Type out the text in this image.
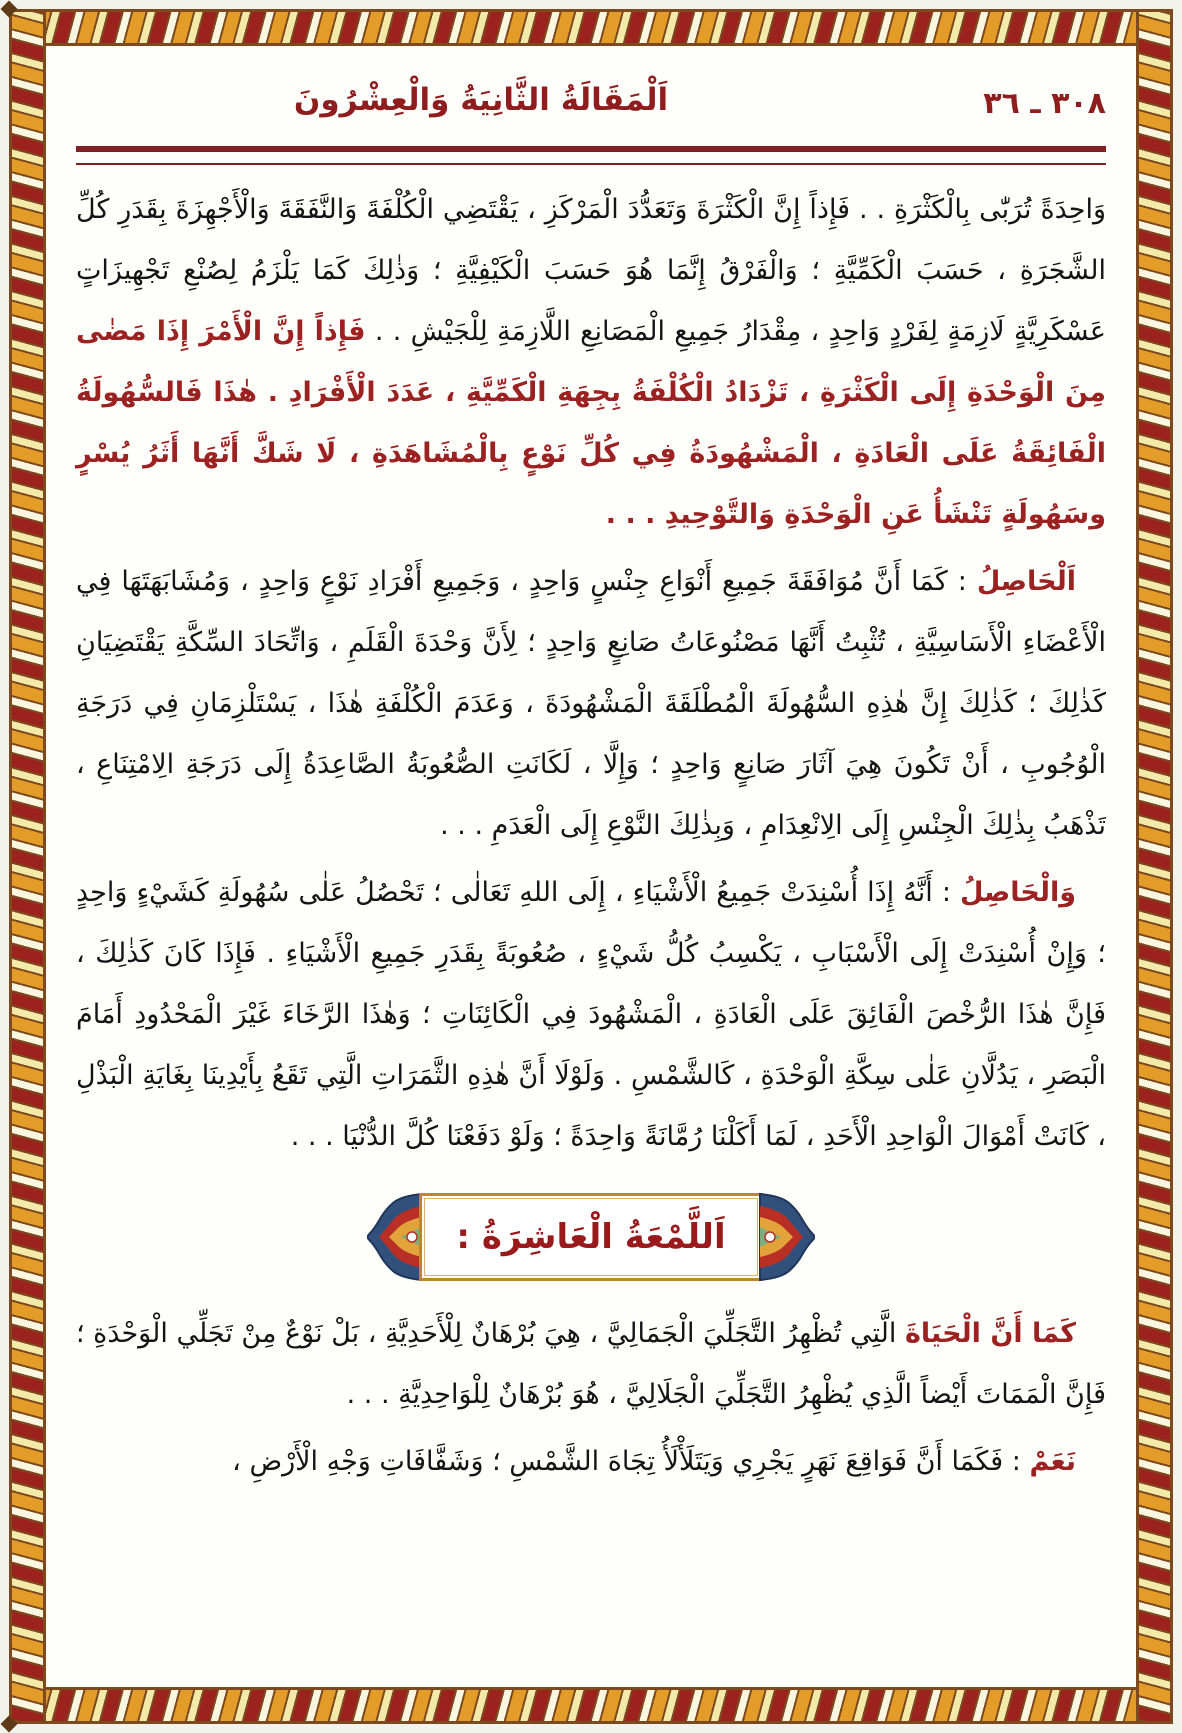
اَلْمَقَالَةُ الثَّانِيَةُ وَالْعِشْرُونَ	٣٠٨ ـ ٣٦

وَاحِدَةً تُرَبّٰى بِالْكَثْرَةِ . . فَإِذاً إِنَّ الْكَثْرَةَ وَتَعَدُّدَ الْمَرْكَزِ ، يَقْتَضِي الْكُلْفَةَ وَالنَّفَقَةَ وَالْأَجْهِزَةَ بِقَدَرِ كُلِّ الشَّجَرَةِ ، حَسَبَ الْكَمِّيَّةِ ؛ وَالْفَرْقُ إِنَّمَا هُوَ حَسَبَ الْكَيْفِيَّةِ ؛ وَذٰلِكَ كَمَا يَلْزَمُ لِصُنْعِ تَجْهِيزَاتٍ عَسْكَرِيَّةٍ لَازِمَةٍ لِفَرْدٍ وَاحِدٍ ، مِقْدَارُ جَمِيعِ الْمَصَانِعِ اللَّازِمَةِ لِلْجَيْشِ . . فَإِذاً إِنَّ الْأَمْرَ إِذَا مَضٰى مِنَ الْوَحْدَةِ إِلَى الْكَثْرَةِ ، تَزْدَادُ الْكُلْفَةُ بِجِهَةِ الْكَمِّيَّةِ ، عَدَدَ الْأَفْرَادِ . هٰذَا فَالسُّهُولَةُ الْفَائِقَةُ عَلَى الْعَادَةِ ، الْمَشْهُودَةُ فِي كُلِّ نَوْعٍ بِالْمُشَاهَدَةِ ، لَا شَكَّ أَنَّهَا أَثَرُ يُسْرٍ وسَهُولَةٍ تَنْشَأُ عَنِ الْوَحْدَةِ وَالتَّوْحِيدِ . . .

اَلْحَاصِلُ : كَمَا أَنَّ مُوَافَقَةَ جَمِيعِ أَنْوَاعِ جِنْسٍ وَاحِدٍ ، وَجَمِيعِ أَفْرَادِ نَوْعٍ وَاحِدٍ ، وَمُشَابَهَتَهَا فِي الْأَعْضَاءِ الْأَسَاسِيَّةِ ، تُثْبِتُ أَنَّهَا مَصْنُوعَاتُ صَانِعٍ وَاحِدٍ ؛ لِأَنَّ وَحْدَةَ الْقَلَمِ ، وَاتِّحَادَ السِّكَّةِ يَقْتَضِيَانِ كَذٰلِكَ ؛ كَذٰلِكَ إِنَّ هٰذِهِ السُّهُولَةَ الْمُطْلَقَةَ الْمَشْهُودَةَ ، وَعَدَمَ الْكُلْفَةِ هٰذَا ، يَسْتَلْزِمَانِ فِي دَرَجَةِ الْوُجُوبِ ، أَنْ تَكُونَ هِيَ آثَارَ صَانِعٍ وَاحِدٍ ؛ وَإِلَّا ، لَكَانَتِ الصُّعُوبَةُ الصَّاعِدَةُ إِلَى دَرَجَةِ الِامْتِنَاعِ ، تَذْهَبُ بِذٰلِكَ الْجِنْسِ إِلَى الِانْعِدَامِ ، وَبِذٰلِكَ النَّوْعِ إِلَى الْعَدَمِ . . .

وَالْحَاصِلُ : أَنَّهُ إِذَا أُسْنِدَتْ جَمِيعُ الْأَشْيَاءِ ، إِلَى اللهِ تَعَالٰى ؛ تَحْصُلُ عَلٰى سُهُولَةِ كَشَيْءٍ وَاحِدٍ ؛ وَإِنْ أُسْنِدَتْ إِلَى الْأَسْبَابِ ، يَكْسِبُ كُلُّ شَيْءٍ ، صُعُوبَةً بِقَدَرِ جَمِيعِ الْأَشْيَاءِ . فَإِذَا كَانَ كَذٰلِكَ ، فَإِنَّ هٰذَا الرُّخْصَ الْفَائِقَ عَلَى الْعَادَةِ ، الْمَشْهُودَ فِي الْكَائِنَاتِ ؛ وَهٰذَا الرَّخَاءَ غَيْرَ الْمَحْدُودِ أَمَامَ الْبَصَرِ ، يَدُلَّانِ عَلٰى سِكَّةِ الْوَحْدَةِ ، كَالشَّمْسِ . وَلَوْلَا أَنَّ هٰذِهِ الثَّمَرَاتِ الَّتِي تَقَعُ بِأَيْدِينَا بِغَايَةِ الْبَذْلِ ، كَانَتْ أَمْوَالَ الْوَاحِدِ الْأَحَدِ ، لَمَا أَكَلْنَا رُمَّانَةً وَاحِدَةً ؛ وَلَوْ دَفَعْنَا كُلَّ الدُّنْيَا . . .

اَللَّمْعَةُ الْعَاشِرَةُ :

كَمَا أَنَّ الْحَيَاةَ الَّتِي تُظْهِرُ التَّجَلِّيَ الْجَمَالِيَّ ، هِيَ بُرْهَانٌ لِلْأَحَدِيَّةِ ، بَلْ نَوْعٌ مِنْ تَجَلِّي الْوَحْدَةِ ؛ فَإِنَّ الْمَمَاتَ أَيْضاً الَّذِي يُظْهِرُ التَّجَلِّيَ الْجَلَالِيَّ ، هُوَ بُرْهَانٌ لِلْوَاحِدِيَّةِ . . .

نَعَمْ : فَكَمَا أَنَّ فَوَاقِعَ نَهَرٍ يَجْرِي وَيَتَلَأْلَأُ تِجَاهَ الشَّمْسِ ؛ وَشَفَّافَاتِ وَجْهِ الْأَرْضِ ،
